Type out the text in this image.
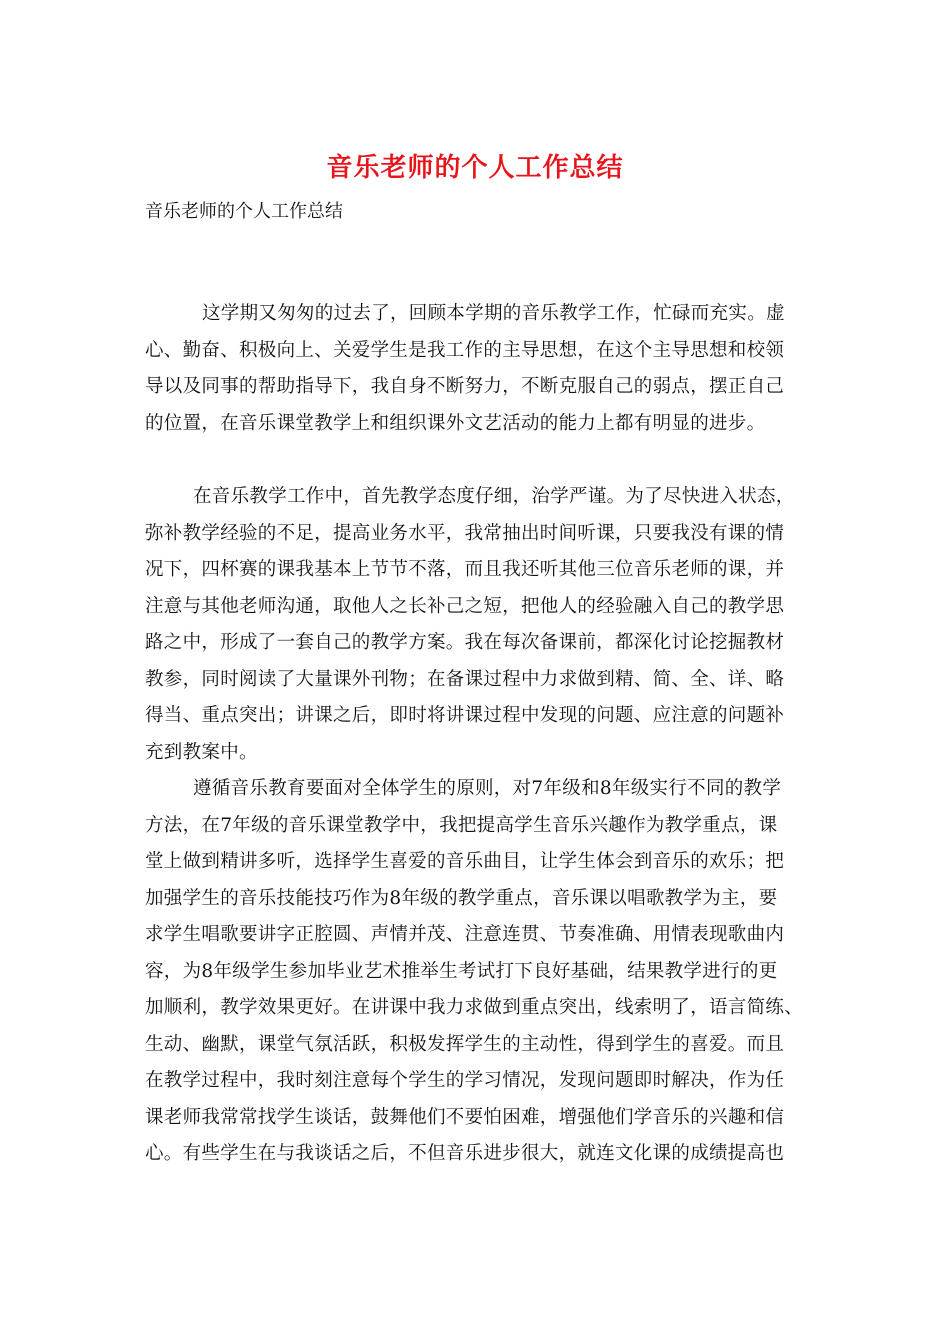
音乐老师的个人工作总结
音乐老师的个人工作总结
这学期又匆匆的过去了，回顾本学期的音乐教学工作，忙碌而充实。虚
心、勤奋、积极向上、关爱学生是我工作的主导思想，在这个主导思想和校领
导以及同事的帮助指导下，我自身不断努力，不断克服自己的弱点，摆正自己
的位置，在音乐课堂教学上和组织课外文艺活动的能力上都有明显的进步。
在音乐教学工作中，首先教学态度仔细，治学严谨。为了尽快进入状态，
弥补教学经验的不足，提高业务水平，我常抽出时间听课，只要我没有课的情
况下，四杯赛的课我基本上节节不落，而且我还听其他三位音乐老师的课，并
注意与其他老师沟通，取他人之长补己之短，把他人的经验融入自己的教学思
路之中，形成了一套自己的教学方案。我在每次备课前，都深化讨论挖掘教材
教参，同时阅读了大量课外刊物；在备课过程中力求做到精、简、全、详、略
得当、重点突出；讲课之后，即时将讲课过程中发现的问题、应注意的问题补
充到教案中。
遵循音乐教育要面对全体学生的原则，对7年级和8年级实行不同的教学
方法，在7年级的音乐课堂教学中，我把提高学生音乐兴趣作为教学重点，课
堂上做到精讲多听，选择学生喜爱的音乐曲目，让学生体会到音乐的欢乐；把
加强学生的音乐技能技巧作为8年级的教学重点，音乐课以唱歌教学为主，要
求学生唱歌要讲字正腔圆、声情并茂、注意连贯、节奏准确、用情表现歌曲内
容，为8年级学生参加毕业艺术推举生考试打下良好基础，结果教学进行的更
加顺利，教学效果更好。在讲课中我力求做到重点突出，线索明了，语言简练、
生动、幽默，课堂气氛活跃，积极发挥学生的主动性，得到学生的喜爱。而且
在教学过程中，我时刻注意每个学生的学习情况，发现问题即时解决，作为任
课老师我常常找学生谈话，鼓舞他们不要怕困难，增强他们学音乐的兴趣和信
心。有些学生在与我谈话之后，不但音乐进步很大，就连文化课的成绩提高也
